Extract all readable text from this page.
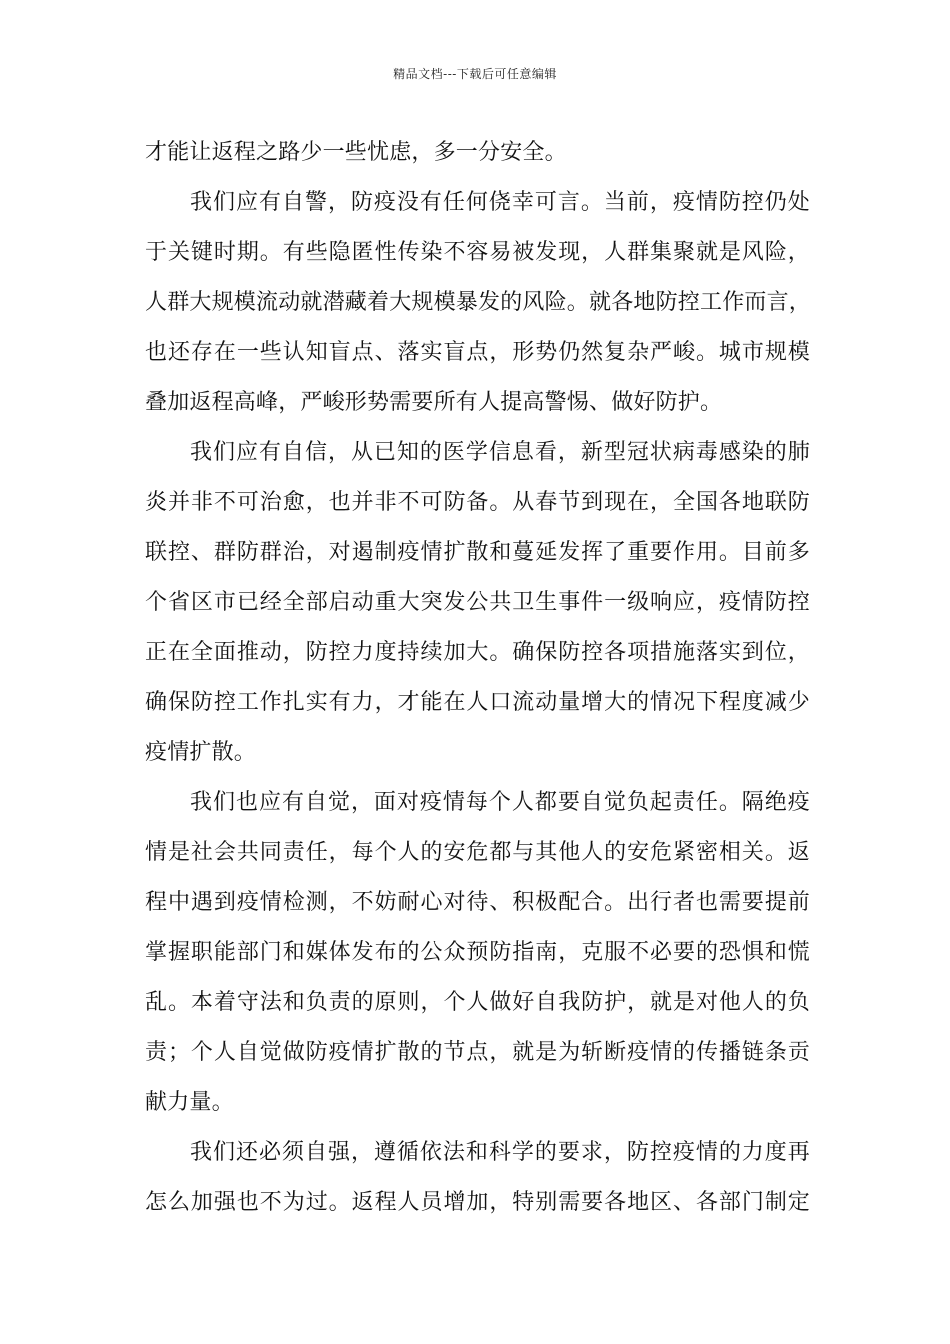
精品文档---下载后可任意编辑
才能让返程之路少一些忧虑，多一分安全。
我们应有自警，防疫没有任何侥幸可言。当前，疫情防控仍处
于关键时期。有些隐匿性传染不容易被发现，人群集聚就是风险，
人群大规模流动就潜藏着大规模暴发的风险。就各地防控工作而言，
也还存在一些认知盲点、落实盲点，形势仍然复杂严峻。城市规模
叠加返程高峰，严峻形势需要所有人提高警惕、做好防护。
我们应有自信，从已知的医学信息看，新型冠状病毒感染的肺
炎并非不可治愈，也并非不可防备。从春节到现在，全国各地联防
联控、群防群治，对遏制疫情扩散和蔓延发挥了重要作用。目前多
个省区市已经全部启动重大突发公共卫生事件一级响应，疫情防控
正在全面推动，防控力度持续加大。确保防控各项措施落实到位，
确保防控工作扎实有力，才能在人口流动量增大的情况下程度减少
疫情扩散。
我们也应有自觉，面对疫情每个人都要自觉负起责任。隔绝疫
情是社会共同责任，每个人的安危都与其他人的安危紧密相关。返
程中遇到疫情检测，不妨耐心对待、积极配合。出行者也需要提前
掌握职能部门和媒体发布的公众预防指南，克服不必要的恐惧和慌
乱。本着守法和负责的原则，个人做好自我防护，就是对他人的负
责；个人自觉做防疫情扩散的节点，就是为斩断疫情的传播链条贡
献力量。
我们还必须自强，遵循依法和科学的要求，防控疫情的力度再
怎么加强也不为过。返程人员增加，特别需要各地区、各部门制定
